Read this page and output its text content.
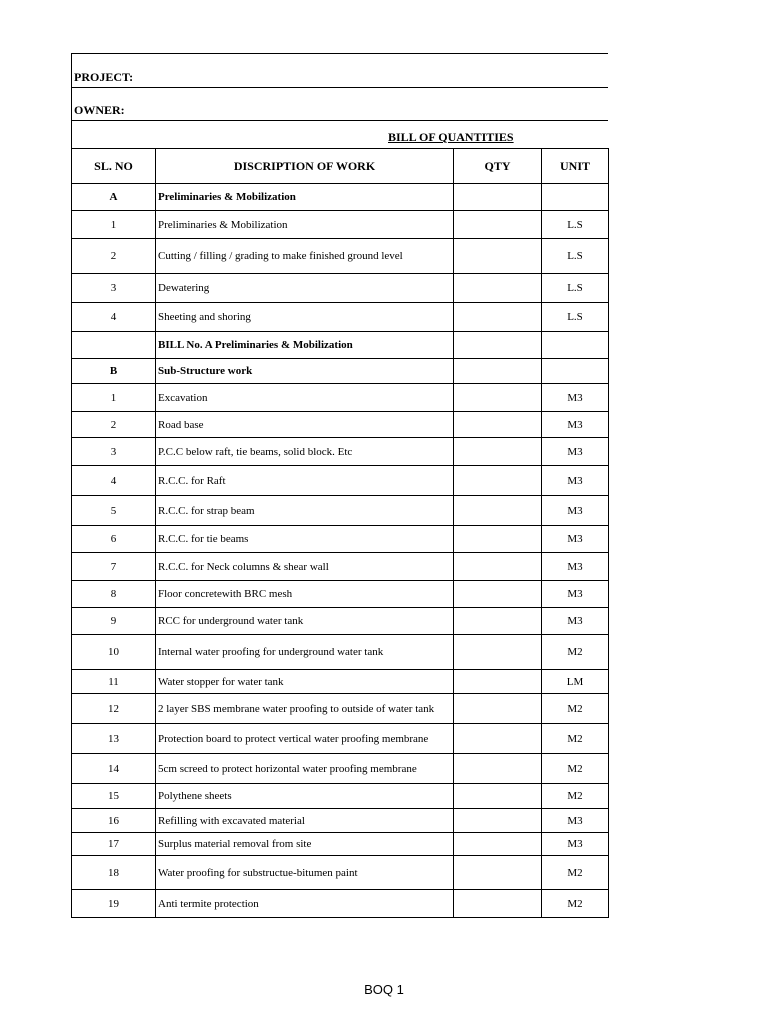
PROJECT:
OWNER:
BILL OF QUANTITIES
SL. NO	DISCRIPTION OF WORK	QTY	UNIT
A	Preliminaries & Mobilization		
1	Preliminaries & Mobilization		L.S
2	Cutting / filling / grading to make finished ground level		L.S
3	Dewatering		L.S
4	Sheeting and shoring		L.S
	BILL No. A Preliminaries & Mobilization		
B	Sub-Structure work		
1	Excavation		M3
2	Road base		M3
3	P.C.C below raft, tie beams, solid block. Etc		M3
4	R.C.C. for Raft		M3
5	R.C.C. for strap beam		M3
6	R.C.C. for tie beams		M3
7	R.C.C. for Neck columns & shear wall		M3
8	Floor concretewith BRC mesh		M3
9	RCC for underground water tank		M3
10	Internal water proofing for underground water tank		M2
11	Water stopper for water tank		LM
12	2 layer SBS membrane water proofing to outside of water tank		M2
13	Protection board to protect vertical water proofing membrane		M2
14	5cm screed to protect horizontal water proofing membrane		M2
15	Polythene sheets		M2
16	Refilling with excavated material		M3
17	Surplus material removal from site		M3
18	Water proofing for substructue-bitumen paint		M2
19	Anti termite protection		M2
BOQ 1
